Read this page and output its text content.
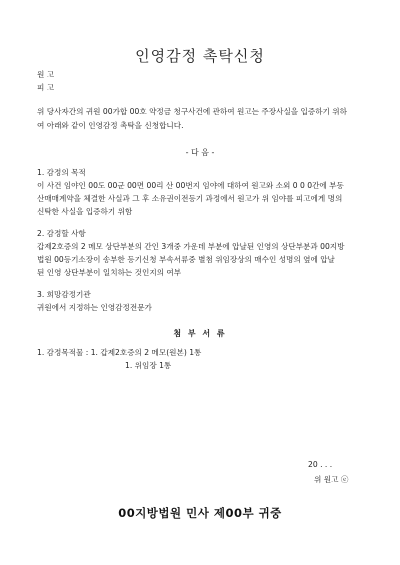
인영감정 촉탁신청
원 고
피 고
위 당사자간의 귀원 00가합 00호 약정금 청구사건에 관하여 원고는 주장사실을 입증하기 위하
여 아래와 같이 인영감정 촉탁을 신청합니다.
- 다 음 -
1. 감정의 목적
이 사건 임야인 00도 00군 00면 00리 산 00번지 임야에 대하여 원고와 소외 0 0 0간에 부동
산매매계약을 체결한 사실과 그 후 소유권이전등기 과정에서 원고가 위 임야를 피고에게 명의
신탁한 사실을 입증하기 위함
2. 감정할 사항
갑제2호증의 2 메모 상단부분의 간인 3개중 가운데 부분에 압날된 인영의 상단부분과 00지방
법원 00등기소장이 송부한 등기신청 부속서류중 별첨 위임장상의 매수인 성명의 옆에 압날
된 인영 상단부분이 일치하는 것인지의 여부
3. 희망감정기관
귀원에서 지정하는 인영감정전문가
첨 부 서 류
1. 감정목적물 : 1. 갑제2호증의 2 메모(원본) 1통
1. 위임장 1통
20 . . .
위 원고 ⓔ
00지방법원 민사 제00부 귀중
